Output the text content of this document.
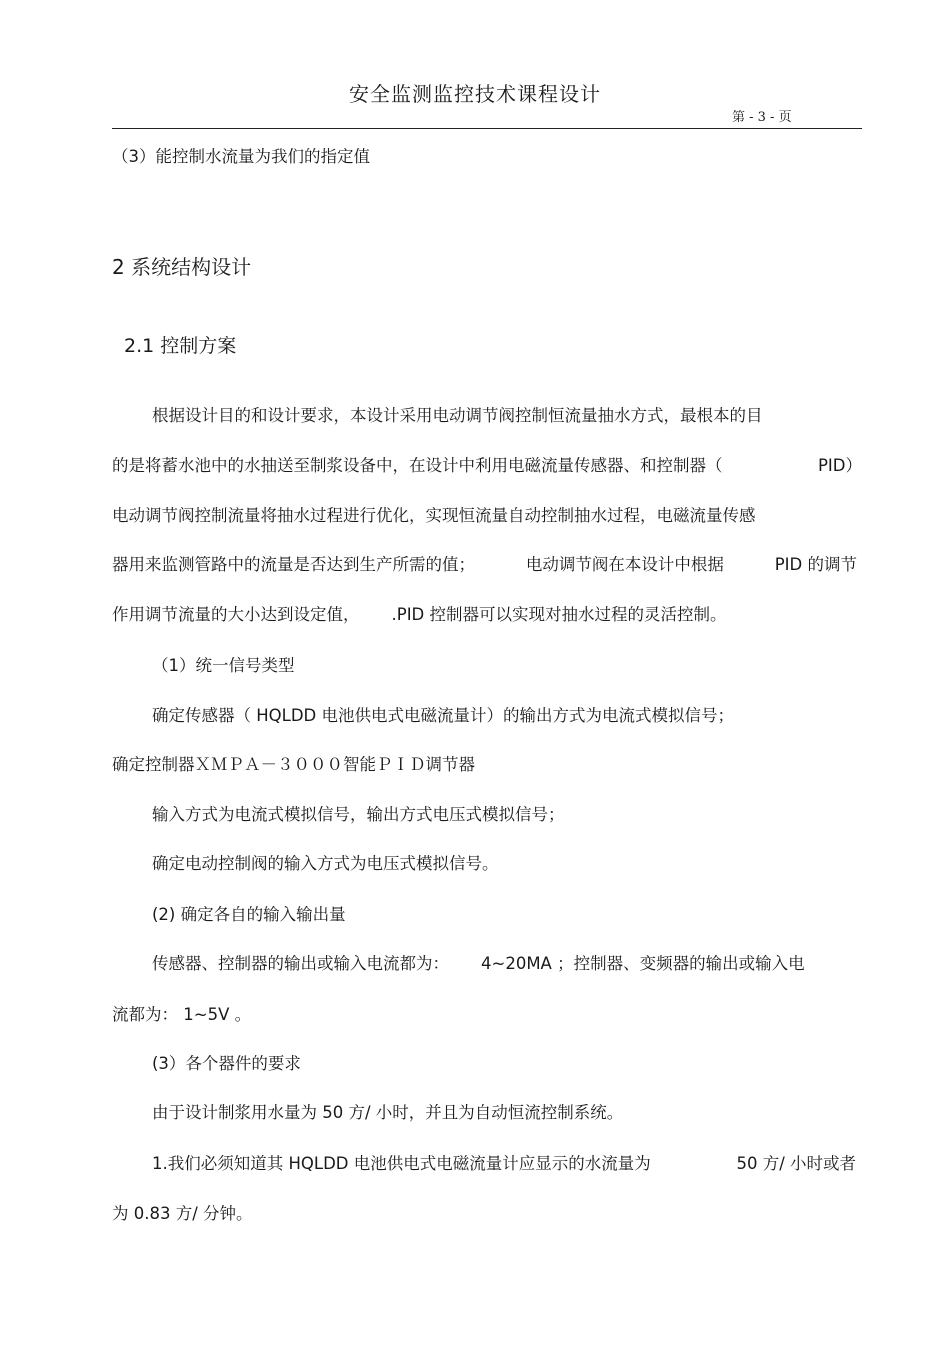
安全监测监控技术课程设计
第 - 3 - 页

（3）能控制水流量为我们的指定值

2 系统结构设计
2.1 控制方案

根据设计目的和设计要求，本设计采用电动调节阀控制恒流量抽水方式，最根本的目

的是将蓄水池中的水抽送至制浆设备中，在设计中利用电磁流量传感器、和控制器（	PID）

电动调节阀控制流量将抽水过程进行优化，实现恒流量自动控制抽水过程，电磁流量传感

器用来监测管路中的流量是否达到生产所需的值；	电动调节阀在本设计中根据	PID 的调节

作用调节流量的大小达到设定值， .PID 控制器可以实现对抽水过程的灵活控制。

（1）统一信号类型

确定传感器（ HQLDD 电池供电式电磁流量计）的输出方式为电流式模拟信号；

确定控制器ＸＭＰＡ－３０００智能ＰＩＤ调节器

输入方式为电流式模拟信号，输出方式电压式模拟信号；

确定电动控制阀的输入方式为电压式模拟信号。

(2) 确定各自的输入输出量

传感器、控制器的输出或输入电流都为： 4~20MA ；控制器、变频器的输出或输入电

流都为： 1~5V 。

(3）各个器件的要求

由于设计制浆用水量为 50 方/ 小时，并且为自动恒流控制系统。

1.我们必须知道其 HQLDD 电池供电式电磁流量计应显示的水流量为	50 方/ 小时或者

为 0.83 方/ 分钟。
